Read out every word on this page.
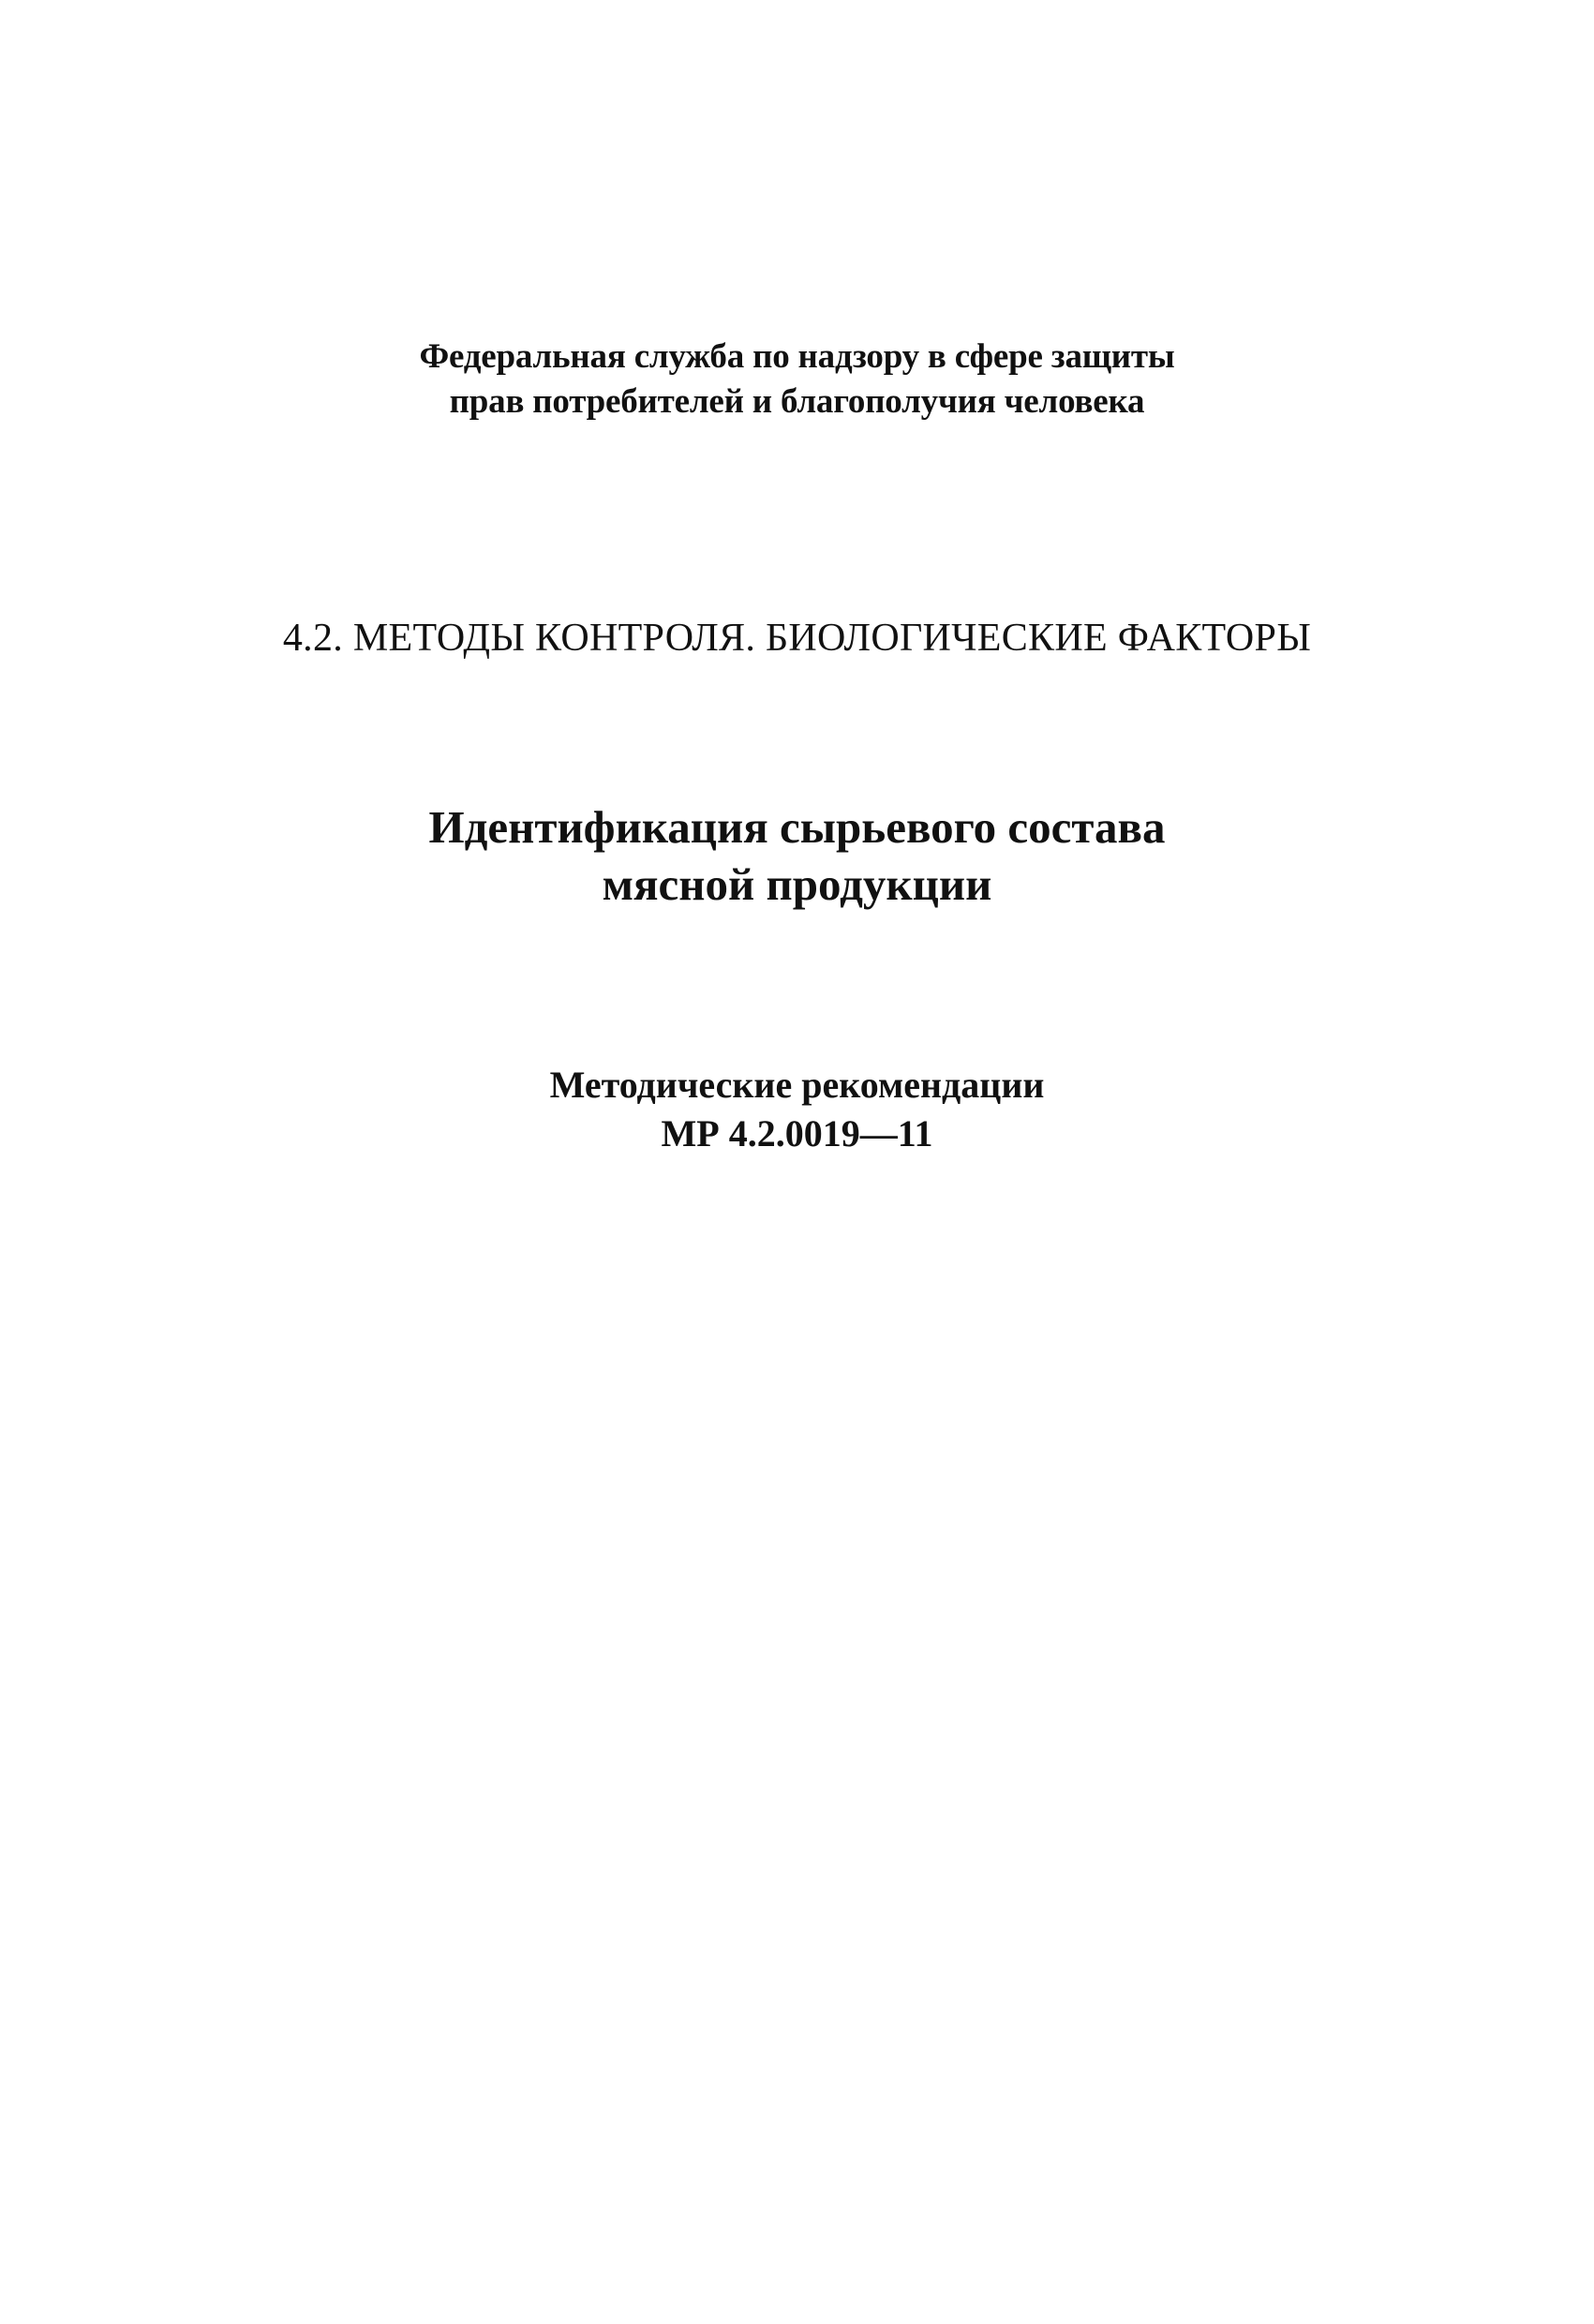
Федеральная служба по надзору в сфере защиты
прав потребителей и благополучия человека
4.2. МЕТОДЫ КОНТРОЛЯ. БИОЛОГИЧЕСКИЕ ФАКТОРЫ
Идентификация сырьевого состава
мясной продукции
Методические рекомендации
МР 4.2.0019—11
